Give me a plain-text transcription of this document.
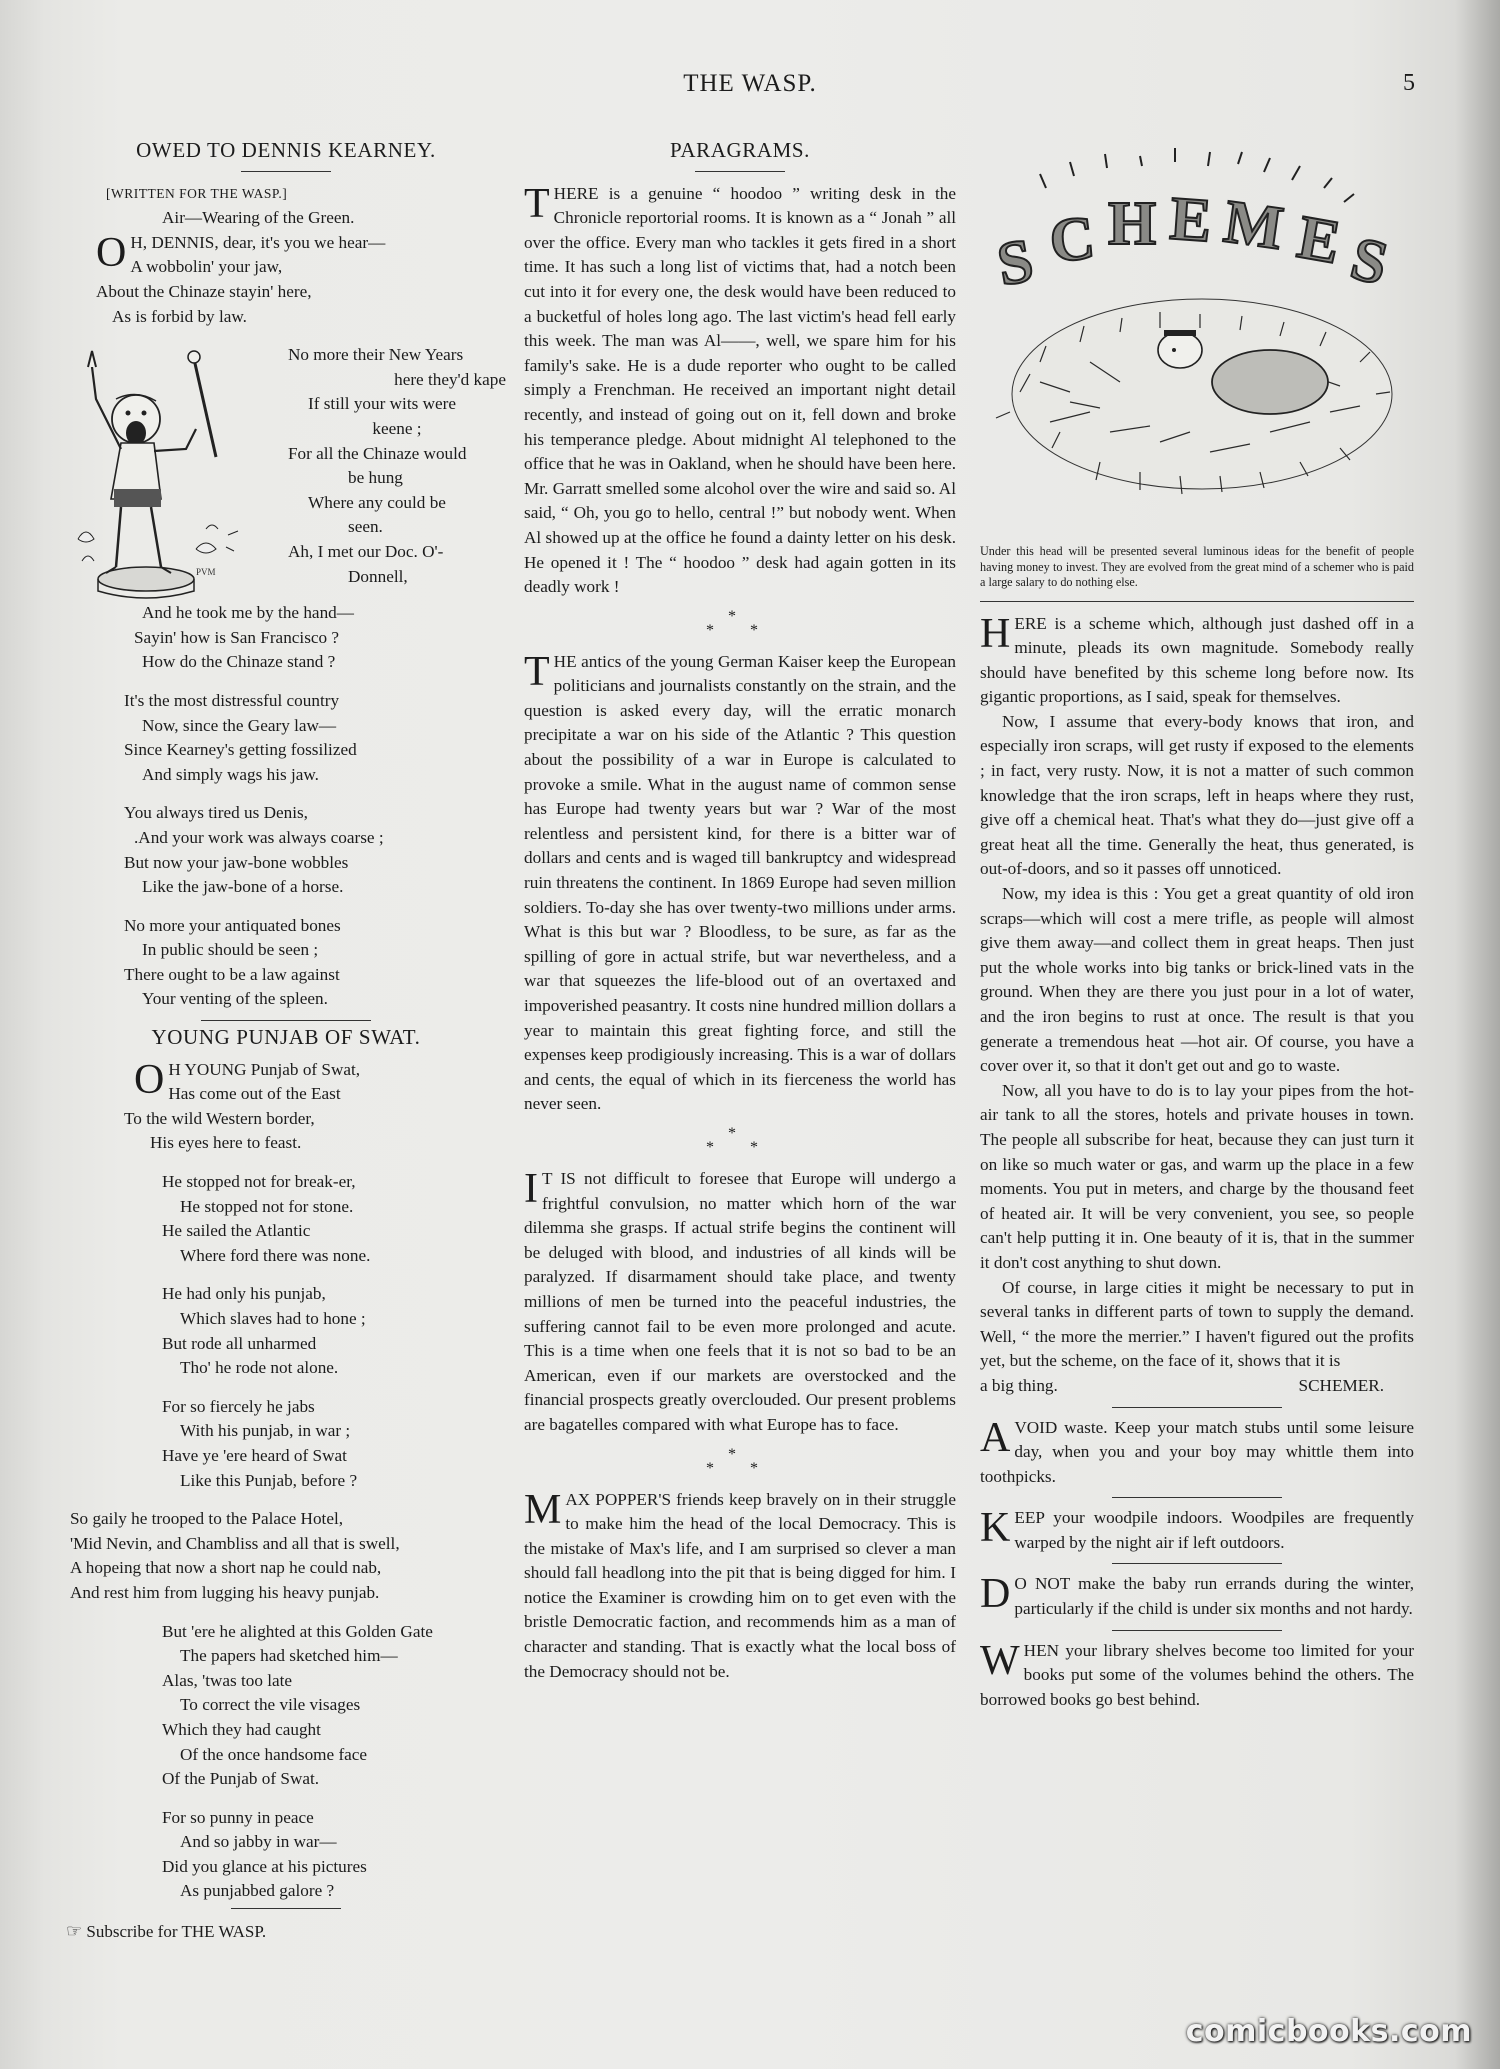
THE WASP.	5
OWED TO DENNIS KEARNEY.
[WRITTEN FOR THE WASP.]
Air—Wearing of the Green.
O H, DENNIS, dear, it's you we hear—
A wobbolin' your jaw,
About the Chinaze stayin' here,
As is forbid by law.
PVM
No more their New Years
here they'd kape
If still your wits were
keene ;
For all the Chinaze would
be hung
Where any could be
seen.
Ah, I met our Doc. O'-
Donnell,
And he took me by the hand—
Sayin' how is San Francisco ?
How do the Chinaze stand ?
It's the most distressful country
Now, since the Geary law—
Since Kearney's getting fossilized
And simply wags his jaw.
You always tired us Denis,
.And your work was always coarse ;
But now your jaw-bone wobbles
Like the jaw-bone of a horse.
No more your antiquated bones
In public should be seen ;
There ought to be a law against
Your venting of the spleen.
YOUNG PUNJAB OF SWAT.
O H YOUNG Punjab of Swat,
Has come out of the East
To the wild Western border,
His eyes here to feast.
He stopped not for break-er,
He stopped not for stone.
He sailed the Atlantic
Where ford there was none.
He had only his punjab,
Which slaves had to hone ;
But rode all unharmed
Tho' he rode not alone.
For so fiercely he jabs
With his punjab, in war ;
Have ye 'ere heard of Swat
Like this Punjab, before ?
So gaily he trooped to the Palace Hotel,
'Mid Nevin, and Chambliss and all that is swell,
A hopeing that now a short nap he could nab,
And rest him from lugging his heavy punjab.
But 'ere he alighted at this Golden Gate
The papers had sketched him—
Alas, 'twas too late
To correct the vile visages
Which they had caught
Of the once handsome face
Of the Punjab of Swat.
For so punny in peace
And so jabby in war—
Did you glance at his pictures
As punjabbed galore ?
☞ Subscribe for THE WASP.
PARAGRAMS.

THERE is a genuine “ hoodoo ” writing desk in the Chronicle reportorial rooms. It is known as a “ Jonah ” all over the office. Every man who tackles it gets fired in a short time. It has such a long list of victims that, had a notch been cut into it for every one, the desk would have been reduced to a bucketful of holes long ago. The last victim's head fell early this week. The man was Al——, well, we spare him for his family's sake. He is a dude reporter who ought to be called simply a Frenchman. He received an important night detail recently, and instead of going out on it, fell down and broke his temperance pledge. About midnight Al telephoned to the office that he was in Oakland, when he should have been here. Mr. Garratt smelled some alcohol over the wire and said so. Al said, “ Oh, you go to hello, central !” but nobody went. When Al showed up at the office he found a dainty letter on his desk. He opened it ! The “ hoodoo ” desk had again gotten in its deadly work !

*
* *

THE antics of the young German Kaiser keep the European politicians and journalists constantly on the strain, and the question is asked every day, will the erratic monarch precipitate a war on his side of the Atlantic ? This question about the possibility of a war in Europe is calculated to provoke a smile. What in the august name of common sense has Europe had twenty years but war ? War of the most relentless and persistent kind, for there is a bitter war of dollars and cents and is waged till bankruptcy and widespread ruin threatens the continent. In 1869 Europe had seven million soldiers. To-day she has over twenty-two millions under arms. What is this but war ? Bloodless, to be sure, as far as the spilling of gore in actual strife, but war nevertheless, and a war that squeezes the life-blood out of an overtaxed and impoverished peasantry. It costs nine hundred million dollars a year to maintain this great fighting force, and still the expenses keep prodigiously increasing. This is a war of dollars and cents, the equal of which in its fierceness the world has never seen.

*
* *

I T IS not difficult to foresee that Europe will undergo a frightful convulsion, no matter which horn of the war dilemma she grasps. If actual strife begins the continent will be deluged with blood, and industries of all kinds will be paralyzed. If disarmament should take place, and twenty millions of men be turned into the peaceful industries, the suffering cannot fail to be even more prolonged and acute. This is a time when one feels that it is not so bad to be an American, even if our markets are overstocked and the financial prospects greatly overclouded. Our present problems are bagatelles compared with what Europe has to face.

*
* *

MAX POPPER'S friends keep bravely on in their struggle to make him the head of the local Democracy. This is the mistake of Max's life, and I am surprised so clever a man should fall headlong into the pit that is being digged for him. I notice the Examiner is crowding him on to get even with the bristle Democratic faction, and recommends him as a man of character and standing. That is exactly what the local boss of the Democracy should not be.

S C H E M E S
Under this head will be presented several luminous ideas for the benefit of people having money to invest. They are evolved from the great mind of a schemer who is paid a large salary to do nothing else.

HERE is a scheme which, although just dashed off in a minute, pleads its own magnitude. Somebody really should have benefited by this scheme long before now. Its gigantic proportions, as I said, speak for themselves.

Now, I assume that every-body knows that iron, and especially iron scraps, will get rusty if exposed to the elements ; in fact, very rusty. Now, it is not a matter of such common knowledge that the iron scraps, left in heaps where they rust, give off a chemical heat. That's what they do—just give off a great heat all the time. Generally the heat, thus generated, is out-of-doors, and so it passes off unnoticed.

Now, my idea is this : You get a great quantity of old iron scraps—which will cost a mere trifle, as people will almost give them away—and collect them in great heaps. Then just put the whole works into big tanks or brick-lined vats in the ground. When they are there you just pour in a lot of water, and the iron begins to rust at once. The result is that you generate a tremendous heat —hot air. Of course, you have a cover over it, so that it don't get out and go to waste.

Now, all you have to do is to lay your pipes from the hot-air tank to all the stores, hotels and private houses in town. The people all subscribe for heat, because they can just turn it on like so much water or gas, and warm up the place in a few moments. You put in meters, and charge by the thousand feet of heated air. It will be very convenient, you see, so people can't help putting it in. One beauty of it is, that in the summer it don't cost anything to shut down.

Of course, in large cities it might be necessary to put in several tanks in different parts of town to supply the demand. Well, “ the more the merrier.” I haven't figured out the profits yet, but the scheme, on the face of it, shows that it is

a big thing.	SCHEMER.

AVOID waste. Keep your match stubs until some leisure day, when you and your boy may whittle them into toothpicks.

KEEP your woodpile indoors. Woodpiles are frequently warped by the night air if left outdoors.

D O NOT make the baby run errands during the winter, particularly if the child is under six months and not hardy.

WHEN your library shelves become too limited for your books put some of the volumes behind the others. The borrowed books go best behind.

comicbooks.com
